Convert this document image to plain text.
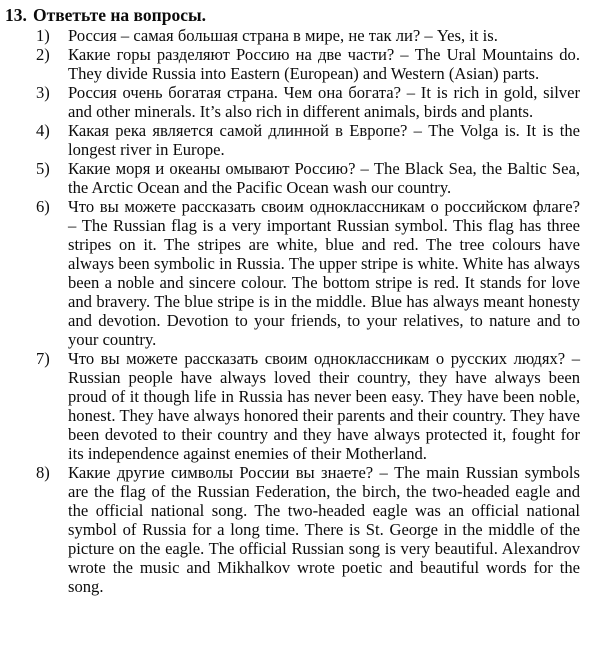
13. Ответьте на вопросы.
1)	Россия – самая большая страна в мире, не так ли? – Yes, it is.

2)	Какие горы разделяют Россию на две части? – The Ural Mountains do. They divide Russia into Eastern (European) and Western (Asian) parts.

3)	Россия очень богатая страна. Чем она богата? – It is rich in gold, silver and other minerals. It’s also rich in different animals, birds and plants.

4)	Какая река является самой длинной в Европе? – The Volga is. It is the longest river in Europe.

5)	Какие моря и океаны омывают Россию? – The Black Sea, the Baltic Sea, the Arctic Ocean and the Pacific Ocean wash our country.

6)	Что вы можете рассказать своим одноклассникам о российском флаге? – The Russian flag is a very important Russian symbol. This flag has three stripes on it. The stripes are white, blue and red. The tree colours have always been symbolic in Russia. The upper stripe is white. White has always been a noble and sincere colour. The bottom stripe is red. It stands for love and bravery. The blue stripe is in the middle. Blue has always meant honesty and devotion. Devotion to your friends, to your relatives, to nature and to your country.

7)	Что вы можете рассказать своим одноклассникам о русских людях? – Russian people have always loved their country, they have always been proud of it though life in Russia has never been easy. They have been noble, honest. They have always honored their parents and their country. They have been devoted to their country and they have always protected it, fought for its independence against enemies of their Motherland.

8)	Какие другие символы России вы знаете? – The main Russian symbols are the flag of the Russian Federation, the birch, the two-headed eagle and the official national song. The two-headed eagle was an official national symbol of Russia for a long time. There is St. George in the middle of the picture on the eagle. The official Russian song is very beautiful. Alexandrov wrote the music and Mikhalkov wrote poetic and beautiful words for the song.
